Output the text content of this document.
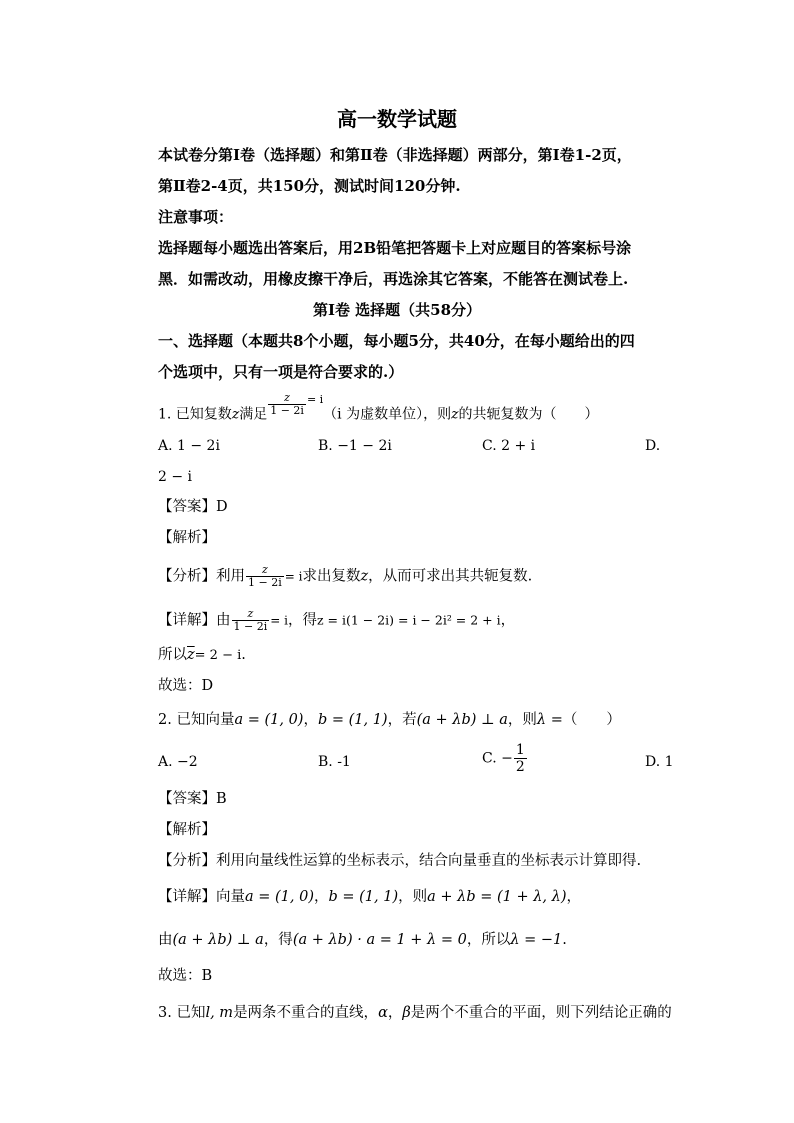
高一数学试题
本试卷分第Ⅰ卷（选择题）和第Ⅱ卷（非选择题）两部分，第Ⅰ卷1-2页，
第Ⅱ卷2-4页，共150分，测试时间120分钟.
注意事项：
选择题每小题选出答案后，用2B铅笔把答题卡上对应题目的答案标号涂
黑．如需改动，用橡皮擦干净后，再选涂其它答案，不能答在测试卷上.
第Ⅰ卷 选择题（共58分）
一、选择题（本题共8个小题，每小题5分，共40分，在每小题给出的四
个选项中，只有一项是符合要求的.）
1. 已知复数z满足 $\frac{z}{1 - 2i} ^{= i}(i$ 为虚数单位），则z的共轭复数为（　　）
A. 1 − 2i	B. −1 − 2i	C. 2 + i	D.
2 − i
【答案】D
【解析】
【分析】利用 $\frac{z}{1 - 2i} = i$求出复数z，从而可求出其共轭复数.
【详解】由 $\frac{z}{1 - 2i} = i$，得z = i(1 − 2i) = i − 2i² = 2 + i，
所以$\overline{z}= 2 - i$.
故选：D
2. 已知向量a = (1, 0)，b = (1, 1)，若(a + λb) ⊥ a，则λ =（　　）
A. −2	B. -1	C. − $\frac{1}{2}$	D. 1
【答案】B
【解析】
【分析】利用向量线性运算的坐标表示，结合向量垂直的坐标表示计算即得.
【详解】向量a = (1, 0)，b = (1, 1)，则a + λb = (1 + λ, λ)，
由(a + λb) ⊥ a，得(a + λb) · a = 1 + λ = 0，所以λ = −1.
故选：B
3. 已知l, m是两条不重合的直线，α，β是两个不重合的平面，则下列结论正确的
